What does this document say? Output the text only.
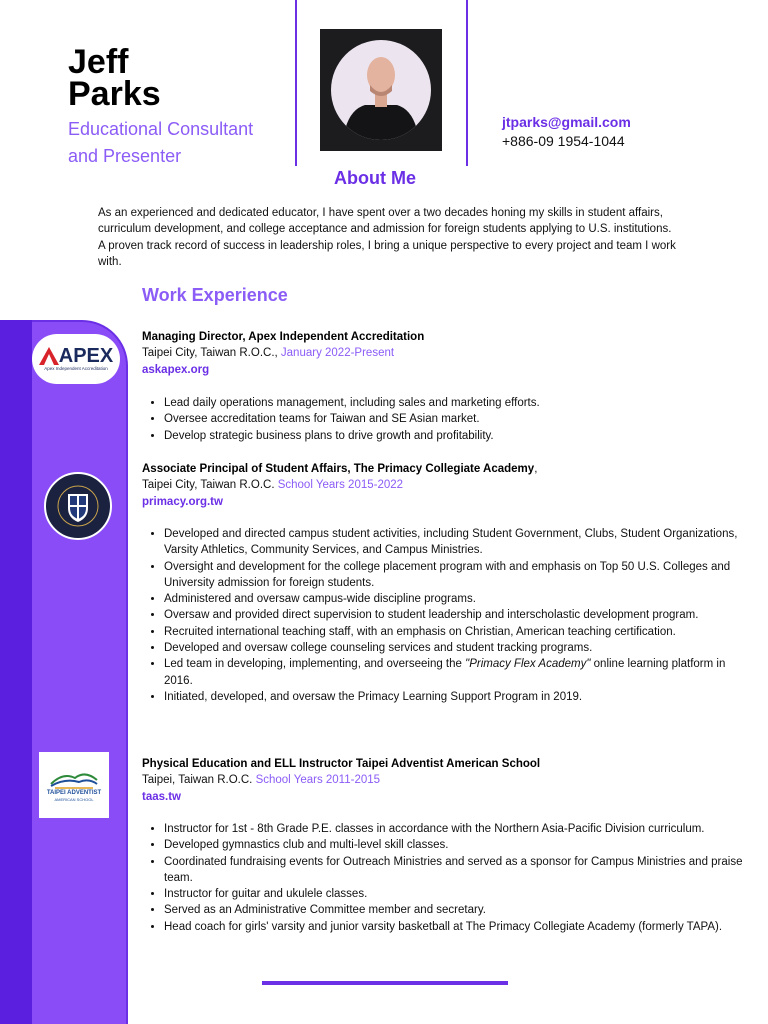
Jeff
Parks
Educational Consultant
and Presenter
jtparks@gmail.com
+886-09 1954-1044
About Me
As an experienced and dedicated educator, I have spent over a two decades honing my skills in student affairs, curriculum development, and college acceptance and admission for foreign students applying to U.S. institutions. A proven track record of success in leadership roles, I bring a unique perspective to every project and team I work with.
Work Experience
APEX
Apex Independent Accreditation
TAIPEI ADVENTIST
AMERICAN SCHOOL
Managing Director, Apex Independent Accreditation
Taipei City, Taiwan R.O.C., January 2022-Present
askapex.org
• Lead daily operations management, including sales and marketing efforts.
• Oversee accreditation teams for Taiwan and SE Asian market.
• Develop strategic business plans to drive growth and profitability.
Associate Principal of Student Affairs, The Primacy Collegiate Academy,
Taipei City, Taiwan R.O.C. School Years 2015-2022
primacy.org.tw
• Developed and directed campus student activities, including Student Government, Clubs, Student Organizations, Varsity Athletics, Community Services, and Campus Ministries.
• Oversight and development for the college placement program with and emphasis on Top 50 U.S. Colleges and University admission for foreign students.
• Administered and oversaw campus-wide discipline programs.
• Oversaw and provided direct supervision to student leadership and interscholastic development program.
• Recruited international teaching staff, with an emphasis on Christian, American teaching certification.
• Developed and oversaw college counseling services and student tracking programs.
• Led team in developing, implementing, and overseeing the "Primacy Flex Academy" online learning platform in 2016.
• Initiated, developed, and oversaw the Primacy Learning Support Program in 2019.
Physical Education and ELL Instructor Taipei Adventist American School
Taipei, Taiwan R.O.C. School Years 2011-2015
taas.tw
• Instructor for 1st - 8th Grade P.E. classes in accordance with the Northern Asia-Pacific Division curriculum.
• Developed gymnastics club and multi-level skill classes.
• Coordinated fundraising events for Outreach Ministries and served as a sponsor for Campus Ministries and praise team.
• Instructor for guitar and ukulele classes.
• Served as an Administrative Committee member and secretary.
• Head coach for girls' varsity and junior varsity basketball at The Primacy Collegiate Academy (formerly TAPA).
